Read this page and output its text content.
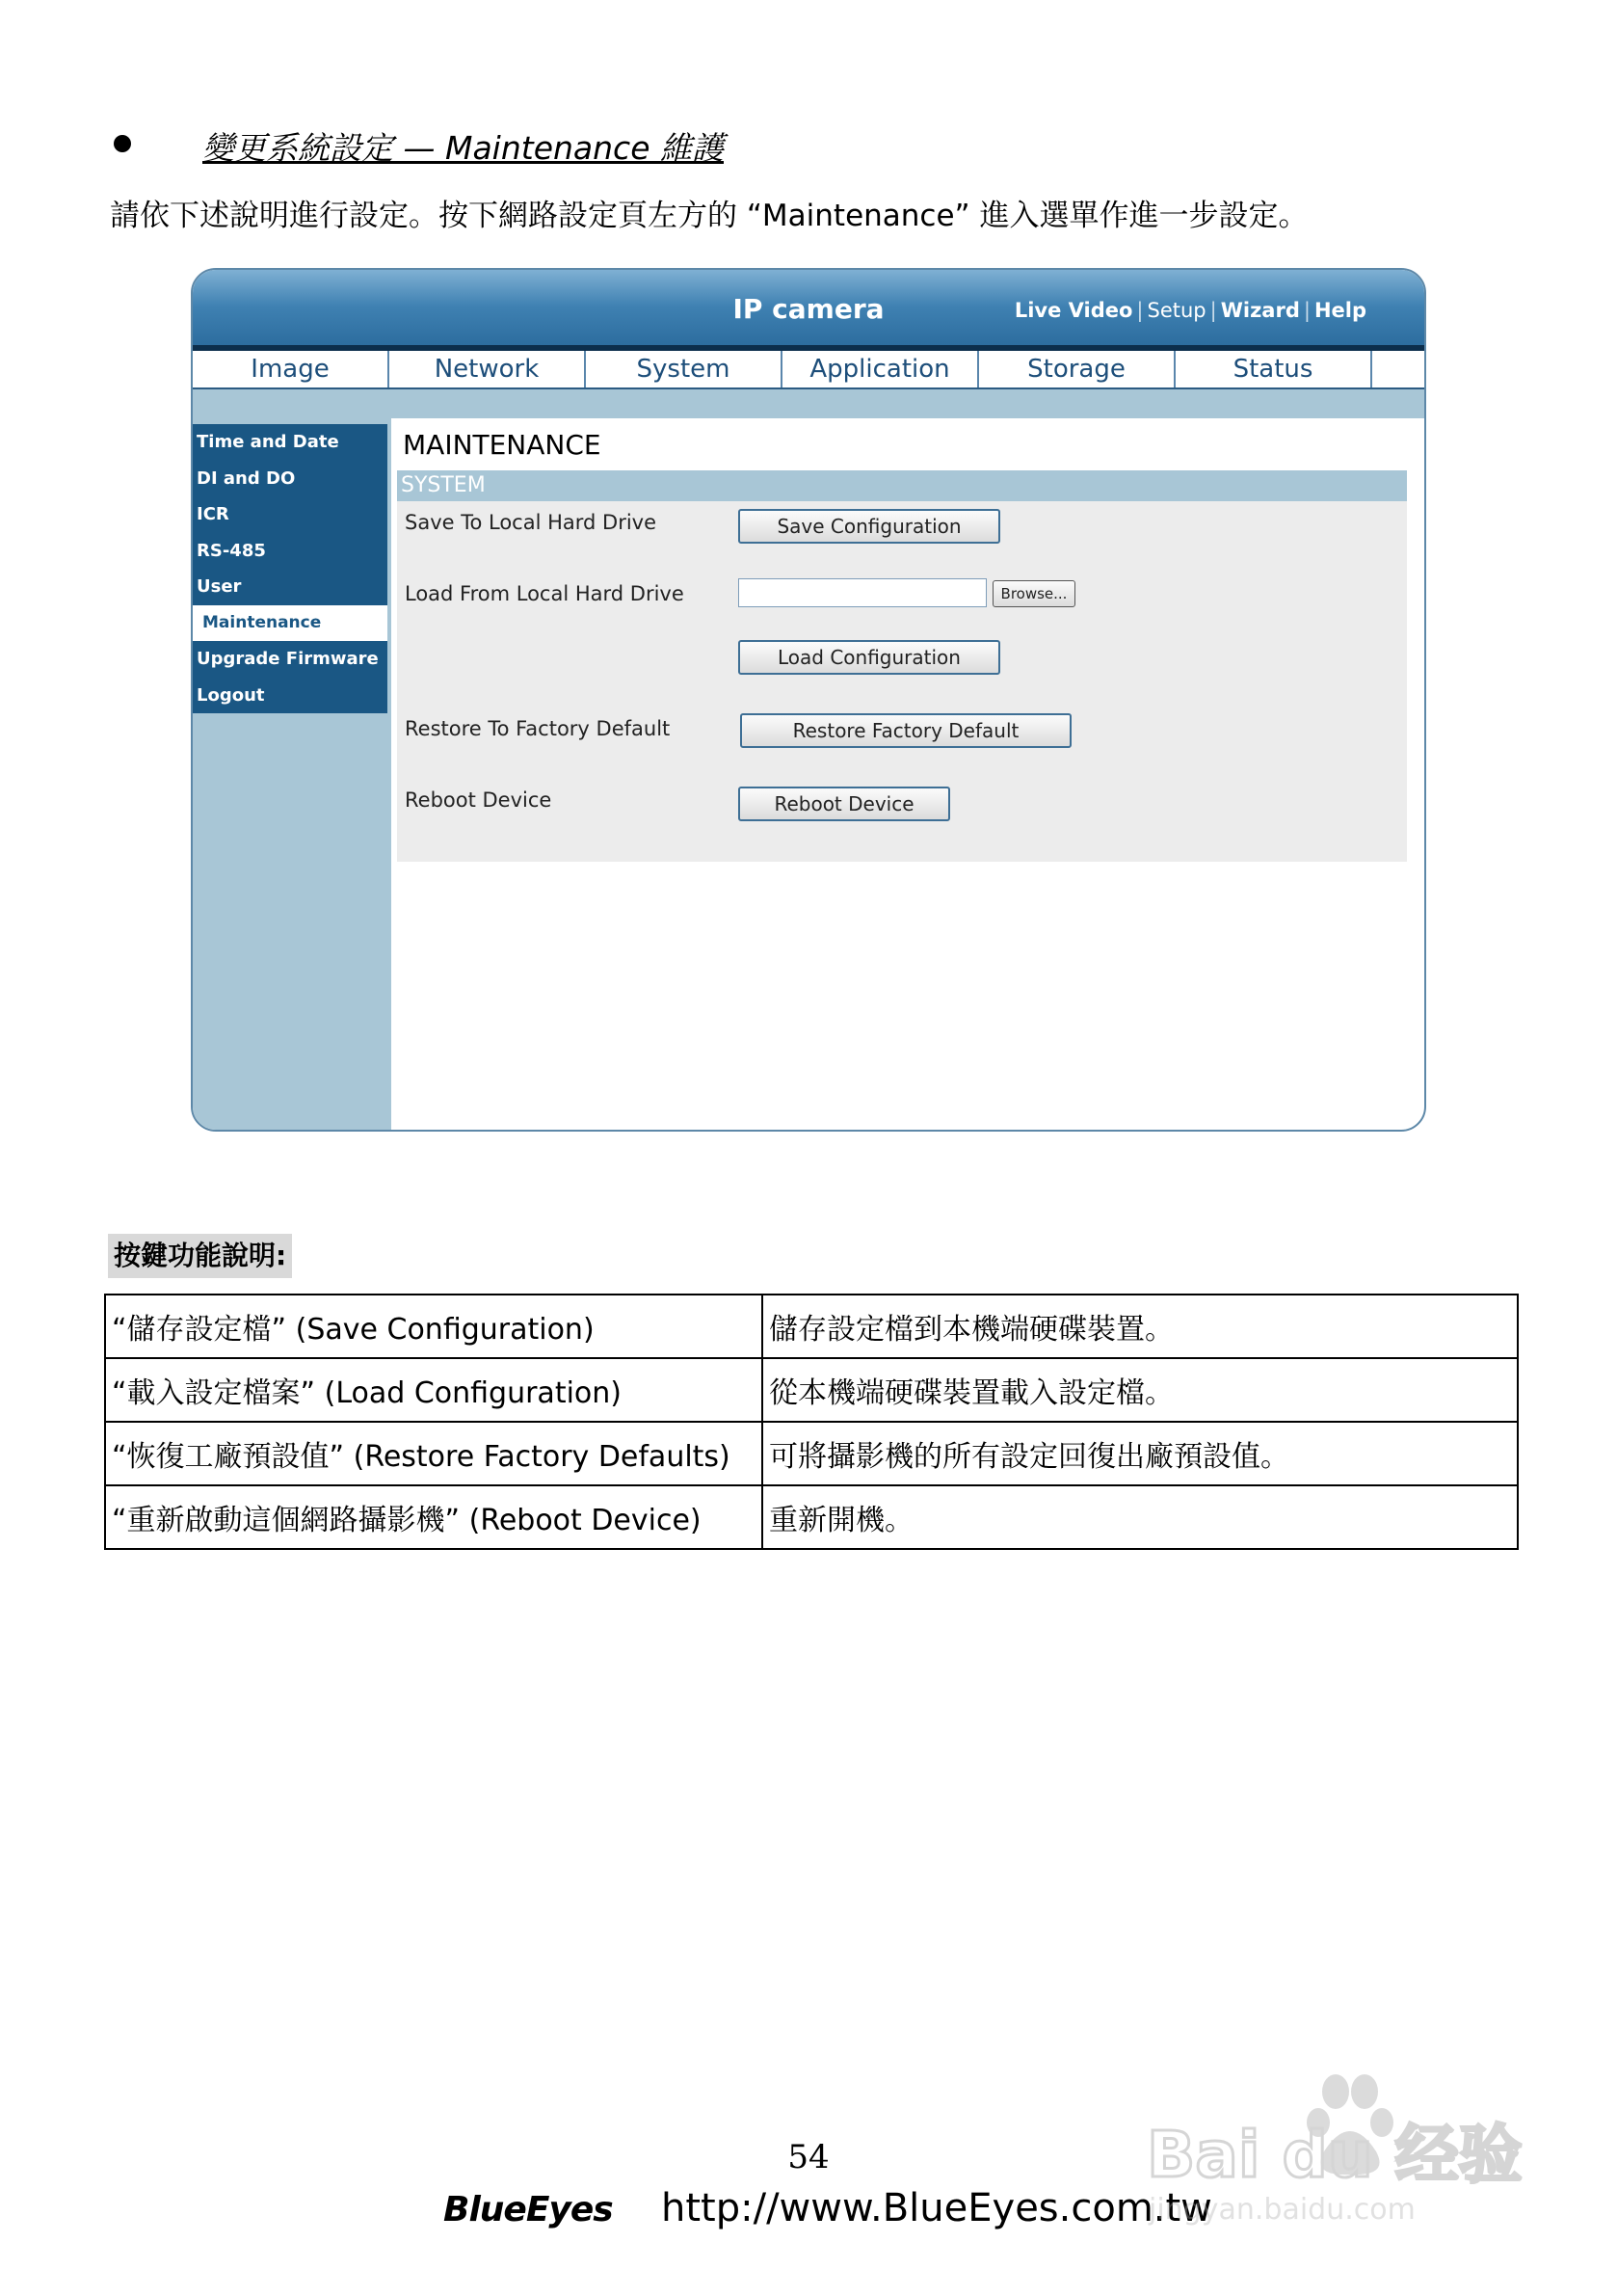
變更系統設定 — Maintenance 維護
請依下述說明進行設定。按下網路設定頁左方的 “Maintenance” 進入選單作進一步設定。
IP camera	Live Video | Setup | Wizard | Help
Image	Network	System	Application	Storage	Status
Time and Date
DI and DO
ICR
RS-485
User
Maintenance
Upgrade Firmware
Logout
MAINTENANCE
SYSTEM
Save To Local Hard Drive	Save Configuration
Load From Local Hard Drive	Browse...
Load Configuration
Restore To Factory Default	Restore Factory Default
Reboot Device	Reboot Device
按鍵功能說明:
“儲存設定檔” (Save Configuration)	儲存設定檔到本機端硬碟裝置。
“載入設定檔案” (Load Configuration)	從本機端硬碟裝置載入設定檔。
“恢復工廠預設值” (Restore Factory Defaults)	可將攝影機的所有設定回復出廠預設值。
“重新啟動這個網路攝影機” (Reboot Device)	重新開機。
54
BlueEyes http://www.BlueEyes.com.tw
Bai du 经验
jingyan.baidu.com
